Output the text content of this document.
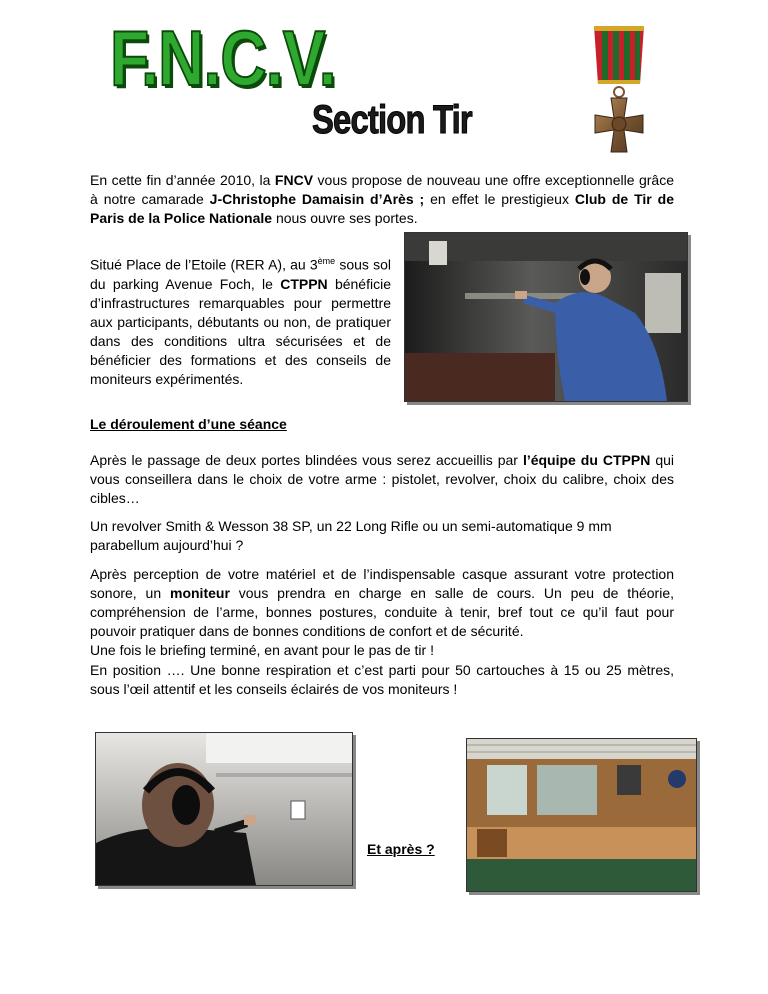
F.N.C.V.
Section Tir
En cette fin d’année 2010, la FNCV vous propose de nouveau une offre exceptionnelle grâce à notre camarade J-Christophe Damaisin d’Arès ; en effet le prestigieux Club de Tir de Paris de la Police Nationale nous ouvre ses portes.
Situé Place de l’Etoile (RER A), au 3ème sous sol du parking Avenue Foch, le CTPPN bénéficie d’infrastructures remarquables pour permettre aux participants, débutants ou non, de pratiquer dans des conditions ultra sécurisées et de bénéficier des formations et des conseils de moniteurs expérimentés.
Le déroulement d’une séance
Après le passage de deux portes blindées vous serez accueillis par l’équipe du CTPPN qui vous conseillera dans le choix de votre arme : pistolet, revolver, choix du calibre, choix des cibles…
Un revolver Smith & Wesson 38 SP, un 22 Long Rifle ou un semi-automatique 9 mm parabellum aujourd’hui ?
Après perception de votre matériel et de l’indispensable casque assurant votre protection sonore, un moniteur vous prendra en charge en salle de cours. Un peu de théorie, compréhension de l’arme, bonnes postures, conduite à tenir, bref tout ce qu’il faut pour pouvoir pratiquer dans de bonnes conditions de confort et de sécurité.
Une fois le briefing terminé, en avant pour le pas de tir !
En position …. Une bonne respiration et c’est parti pour 50 cartouches à 15 ou 25 mètres, sous l’œil attentif et les conseils éclairés de vos moniteurs !
Et après ?
